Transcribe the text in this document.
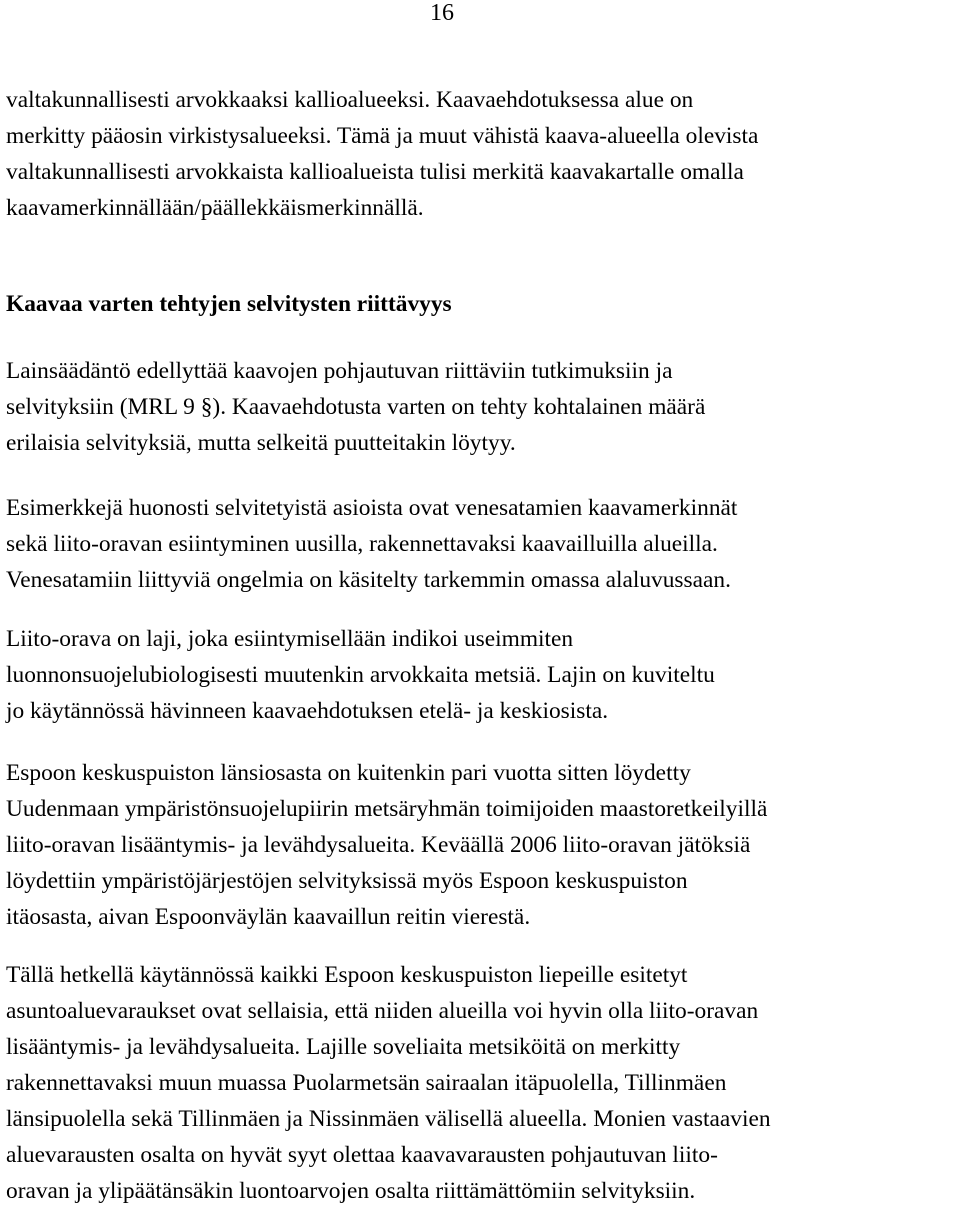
16
valtakunnallisesti arvokkaaksi kallioalueeksi. Kaavaehdotuksessa alue on
merkitty pääosin virkistysalueeksi. Tämä ja muut vähistä kaava-alueella olevista
valtakunnallisesti arvokkaista kallioalueista tulisi merkitä kaavakartalle omalla
kaavamerkinnällään/päällekkäismerkinnällä.
Kaavaa varten tehtyjen selvitysten riittävyys
Lainsäädäntö edellyttää kaavojen pohjautuvan riittäviin tutkimuksiin ja
selvityksiin (MRL 9 §). Kaavaehdotusta varten on tehty kohtalainen määrä
erilaisia selvityksiä, mutta selkeitä puutteitakin löytyy.
Esimerkkejä huonosti selvitetyistä asioista ovat venesatamien kaavamerkinnät
sekä liito-oravan esiintyminen uusilla, rakennettavaksi kaavailluilla alueilla.
Venesatamiin liittyviä ongelmia on käsitelty tarkemmin omassa alaluvussaan.
Liito-orava on laji, joka esiintymisellään indikoi useimmiten
luonnonsuojelubiologisesti muutenkin arvokkaita metsiä. Lajin on kuviteltu
jo käytännössä hävinneen kaavaehdotuksen etelä- ja keskiosista.
Espoon keskuspuiston länsiosasta on kuitenkin pari vuotta sitten löydetty
Uudenmaan ympäristönsuojelupiirin metsäryhmän toimijoiden maastoretkeilyillä
liito-oravan lisääntymis- ja levähdysalueita. Keväällä 2006 liito-oravan jätöksiä
löydettiin ympäristöjärjestöjen selvityksissä myös Espoon keskuspuiston
itäosasta, aivan Espoonväylän kaavaillun reitin vierestä.
Tällä hetkellä käytännössä kaikki Espoon keskuspuiston liepeille esitetyt
asuntoaluevaraukset ovat sellaisia, että niiden alueilla voi hyvin olla liito-oravan
lisääntymis- ja levähdysalueita. Lajille soveliaita metsiköitä on merkitty
rakennettavaksi muun muassa Puolarmetsän sairaalan itäpuolella, Tillinmäen
länsipuolella sekä Tillinmäen ja Nissinmäen välisellä alueella. Monien vastaavien
aluevarausten osalta on hyvät syyt olettaa kaavavarausten pohjautuvan liito-
oravan ja ylipäätänsäkin luontoarvojen osalta riittämättömiin selvityksiin.
